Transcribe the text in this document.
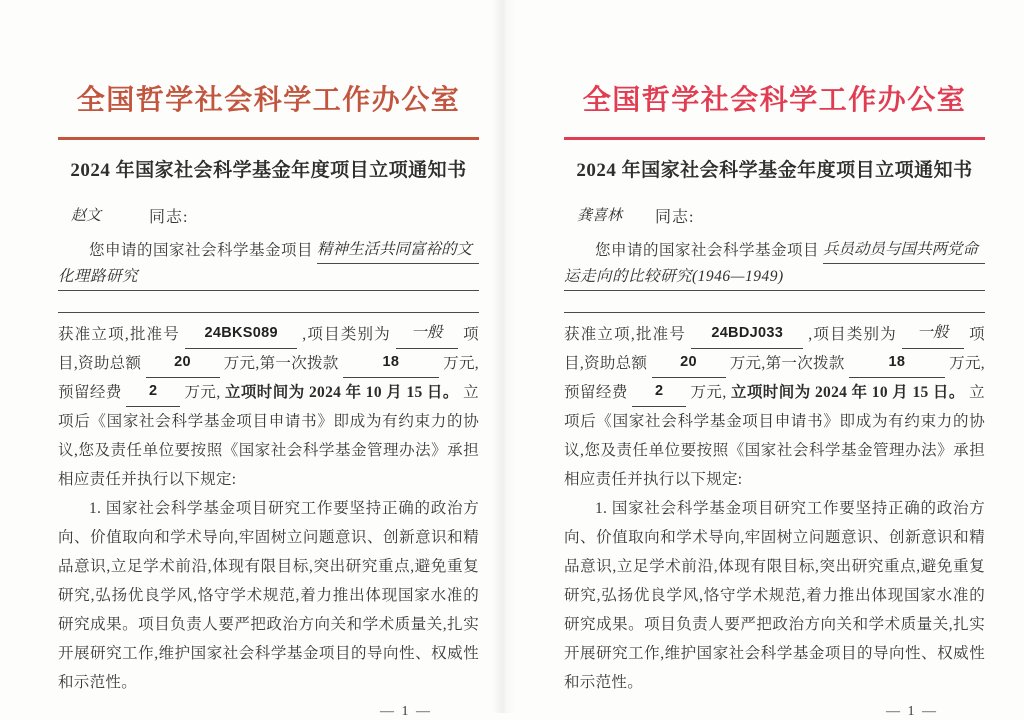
全国哲学社会科学工作办公室
2024 年国家社会科学基金年度项目立项通知书
赵文	同志:
您申请的国家社会科学基金项目 精神生活共同富裕的文
化理路研究

获准立项,批准号 24BKS089 ,项目类别为 一般 项目,资助总额 20 万元,第一次拨款	18	万元,预留经费 2 万元, 立项时间为 2024 年 10 月 15 日。 立项后《国家社会科学基金项目申请书》即成为有约束力的协议,您及责任单位要按照《国家社会科学基金管理办法》承担相应责任并执行以下规定:

1. 国家社会科学基金项目研究工作要坚持正确的政治方向、价值取向和学术导向,牢固树立问题意识、创新意识和精品意识,立足学术前沿,体现有限目标,突出研究重点,避免重复研究,弘扬优良学风,恪守学术规范,着力推出体现国家水准的研究成果。项目负责人要严把政治方向关和学术质量关,扎实开展研究工作,维护国家社会科学基金项目的导向性、权威性和示范性。

— 1 —
全国哲学社会科学工作办公室
2024 年国家社会科学基金年度项目立项通知书
龚喜林	同志:
您申请的国家社会科学基金项目 兵员动员与国共两党命
运走向的比较研究(1946—1949)

获准立项,批准号 24BDJ033 ,项目类别为 一般 项目,资助总额 20 万元,第一次拨款	18	万元,预留经费 2 万元, 立项时间为 2024 年 10 月 15 日。 立项后《国家社会科学基金项目申请书》即成为有约束力的协议,您及责任单位要按照《国家社会科学基金管理办法》承担相应责任并执行以下规定:

1. 国家社会科学基金项目研究工作要坚持正确的政治方向、价值取向和学术导向,牢固树立问题意识、创新意识和精品意识,立足学术前沿,体现有限目标,突出研究重点,避免重复研究,弘扬优良学风,恪守学术规范,着力推出体现国家水准的研究成果。项目负责人要严把政治方向关和学术质量关,扎实开展研究工作,维护国家社会科学基金项目的导向性、权威性和示范性。

— 1 —
